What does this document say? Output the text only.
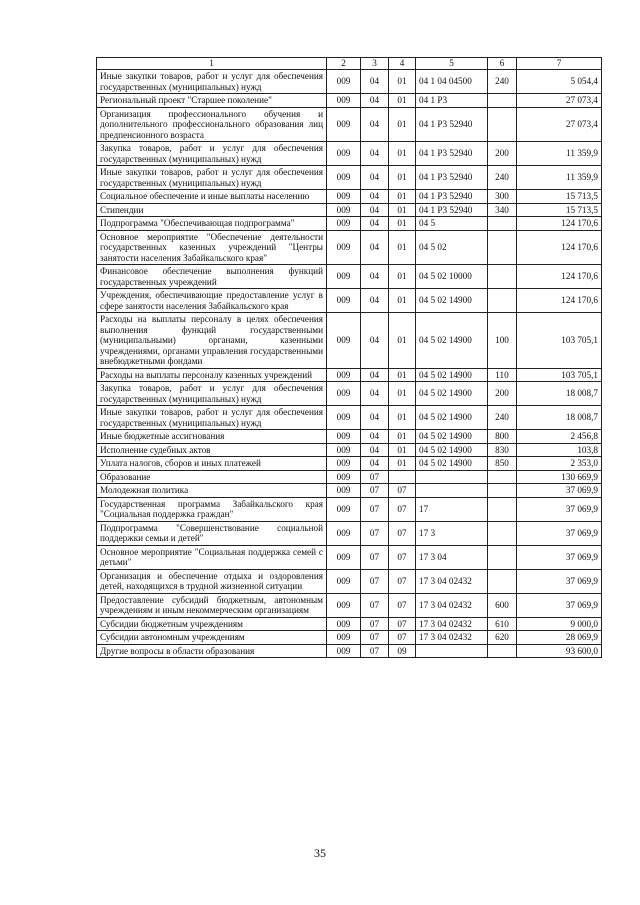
1	2	3	4	5	6	7
Иные закупки товаров, работ и услуг для обеспечения государственных (муниципальных) нужд	009	04	01	04 1 04 04500	240	5 054,4
Региональный проект "Старшее поколение"	009	04	01	04 1 Р3		27 073,4
Организация профессионального обучения и дополнительного профессионального образования лиц предпенсионного возраста	009	04	01	04 1 Р3 52940		27 073,4
Закупка товаров, работ и услуг для обеспечения государственных (муниципальных) нужд	009	04	01	04 1 Р3 52940	200	11 359,9
Иные закупки товаров, работ и услуг для обеспечения государственных (муниципальных) нужд	009	04	01	04 1 Р3 52940	240	11 359,9
Социальное обеспечение и иные выплаты населению	009	04	01	04 1 Р3 52940	300	15 713,5
Стипендии	009	04	01	04 1 Р3 52940	340	15 713,5
Подпрограмма "Обеспечивающая подпрограмма"	009	04	01	04 5		124 170,6
Основное мероприятие "Обеспечение деятельности государственных казенных учреждений "Центры занятости населения Забайкальского края"	009	04	01	04 5 02		124 170,6
Финансовое обеспечение выполнения функций государственных учреждений	009	04	01	04 5 02 10000		124 170,6
Учреждения, обеспечивающие предоставление услуг в сфере занятости населения Забайкальского края	009	04	01	04 5 02 14900		124 170,6
Расходы на выплаты персоналу в целях обеспечения выполнения функций государственными (муниципальными) органами, казенными учреждениями, органами управления государственными внебюджетными фондами	009	04	01	04 5 02 14900	100	103 705,1
Расходы на выплаты персоналу казенных учреждений	009	04	01	04 5 02 14900	110	103 705,1
Закупка товаров, работ и услуг для обеспечения государственных (муниципальных) нужд	009	04	01	04 5 02 14900	200	18 008,7
Иные закупки товаров, работ и услуг для обеспечения государственных (муниципальных) нужд	009	04	01	04 5 02 14900	240	18 008,7
Иные бюджетные ассигнования	009	04	01	04 5 02 14900	800	2 456,8
Исполнение судебных актов	009	04	01	04 5 02 14900	830	103,8
Уплата налогов, сборов и иных платежей	009	04	01	04 5 02 14900	850	2 353,0
Образование	009	07				130 669,9
Молодежная политика	009	07	07			37 069,9
Государственная программа Забайкальского края "Социальная поддержка граждан"	009	07	07	17		37 069,9
Подпрограмма "Совершенствование социальной поддержки семьи и детей"	009	07	07	17 3		37 069,9
Основное мероприятие "Социальная поддержка семей с детьми"	009	07	07	17 3 04		37 069,9
Организация и обеспечение отдыха и оздоровления детей, находящихся в трудной жизненной ситуации	009	07	07	17 3 04 02432		37 069,9
Предоставление субсидий бюджетным, автономным учреждениям и иным некоммерческим организациям	009	07	07	17 3 04 02432	600	37 069,9
Субсидии бюджетным учреждениям	009	07	07	17 3 04 02432	610	9 000,0
Субсидии автономным учреждениям	009	07	07	17 3 04 02432	620	28 069,9
Другие вопросы в области образования	009	07	09			93 600,0
35
